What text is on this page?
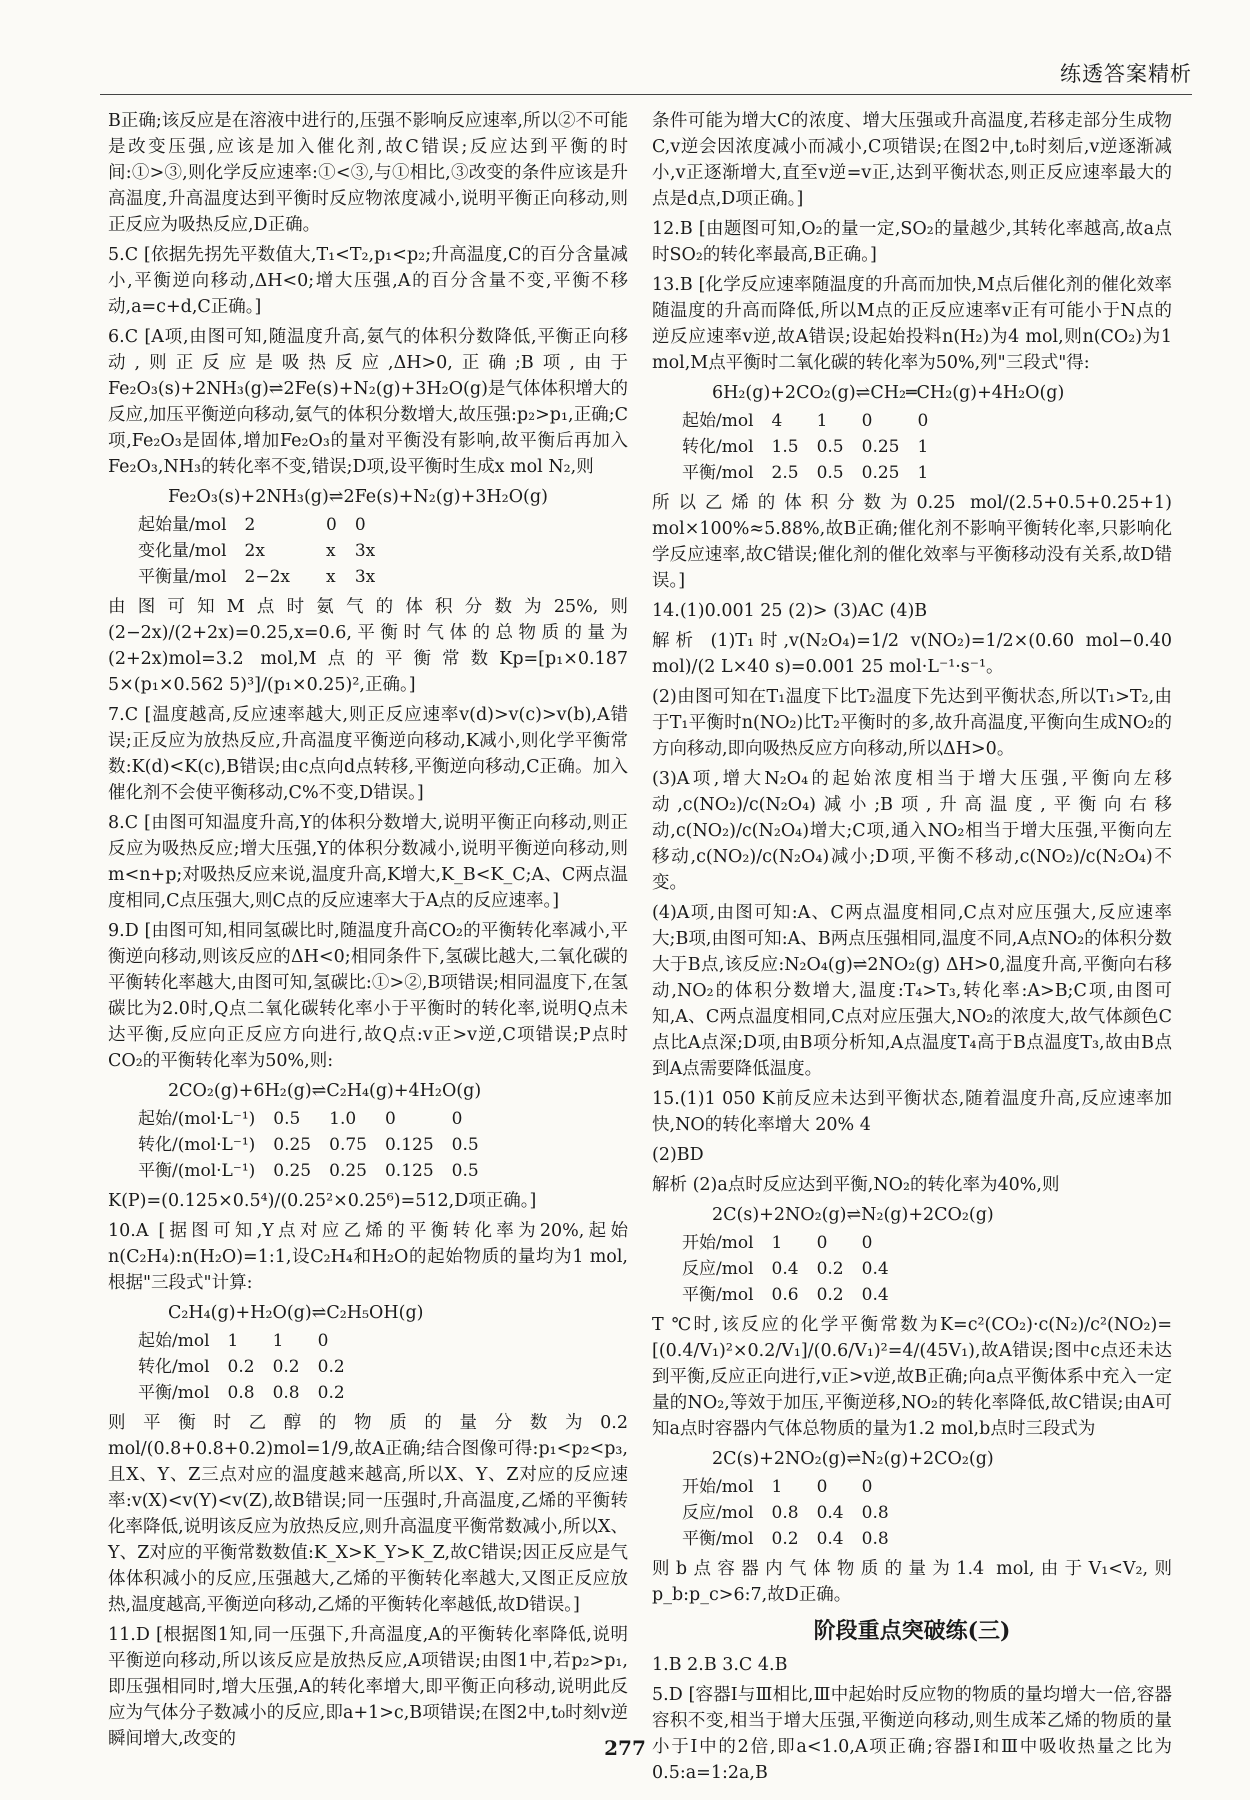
练透答案精析

B正确;该反应是在溶液中进行的,压强不影响反应速率,所以②不可能是改变压强,应该是加入催化剂,故C错误;反应达到平衡的时间:①>③,则化学反应速率:①<③,与①相比,③改变的条件应该是升高温度,升高温度达到平衡时反应物浓度减小,说明平衡正向移动,则正反应为吸热反应,D正确。

5.C [依据先拐先平数值大,T₁<T₂,p₁<p₂;升高温度,C的百分含量减小,平衡逆向移动,ΔH<0;增大压强,A的百分含量不变,平衡不移动,a=c+d,C正确。]

6.C [A项,由图可知,随温度升高,氨气的体积分数降低,平衡正向移动,则正反应是吸热反应,ΔH>0,正确;B项,由于Fe₂O₃(s)+2NH₃(g)⇌2Fe(s)+N₂(g)+3H₂O(g)是气体体积增大的反应,加压平衡逆向移动,氨气的体积分数增大,故压强:p₂>p₁,正确;C项,Fe₂O₃是固体,增加Fe₂O₃的量对平衡没有影响,故平衡后再加入Fe₂O₃,NH₃的转化率不变,错误;D项,设平衡时生成x mol N₂,则

Fe₂O₃(s)+2NH₃(g)⇌2Fe(s)+N₂(g)+3H₂O(g)
起始量/mol	2		0	0
变化量/mol	2x		x	3x
平衡量/mol	2−2x		x	3x

由图可知M点时氨气的体积分数为25%,则(2−2x)/(2+2x)=0.25,x=0.6,平衡时气体的总物质的量为(2+2x)mol=3.2 mol,M点的平衡常数Kp=[p₁×0.187 5×(p₁×0.562 5)³]/(p₁×0.25)²,正确。]

7.C [温度越高,反应速率越大,则正反应速率v(d)>v(c)>v(b),A错误;正反应为放热反应,升高温度平衡逆向移动,K减小,则化学平衡常数:K(d)<K(c),B错误;由c点向d点转移,平衡逆向移动,C正确。加入催化剂不会使平衡移动,C%不变,D错误。]

8.C [由图可知温度升高,Y的体积分数增大,说明平衡正向移动,则正反应为吸热反应;增大压强,Y的体积分数减小,说明平衡逆向移动,则m<n+p;对吸热反应来说,温度升高,K增大,K_B<K_C;A、C两点温度相同,C点压强大,则C点的反应速率大于A点的反应速率。]

9.D [由图可知,相同氢碳比时,随温度升高CO₂的平衡转化率减小,平衡逆向移动,则该反应的ΔH<0;相同条件下,氢碳比越大,二氧化碳的平衡转化率越大,由图可知,氢碳比:①>②,B项错误;相同温度下,在氢碳比为2.0时,Q点二氧化碳转化率小于平衡时的转化率,说明Q点未达平衡,反应向正反应方向进行,故Q点:v正>v逆,C项错误;P点时CO₂的平衡转化率为50%,则:

2CO₂(g)+6H₂(g)⇌C₂H₄(g)+4H₂O(g)
起始/(mol·L⁻¹)	0.5	1.0	0	0
转化/(mol·L⁻¹)	0.25	0.75	0.125	0.5
平衡/(mol·L⁻¹)	0.25	0.25	0.125	0.5

K(P)=(0.125×0.5⁴)/(0.25²×0.25⁶)=512,D项正确。]

10.A [据图可知,Y点对应乙烯的平衡转化率为20%,起始n(C₂H₄):n(H₂O)=1:1,设C₂H₄和H₂O的起始物质的量均为1 mol,根据"三段式"计算:

C₂H₄(g)+H₂O(g)⇌C₂H₅OH(g)
起始/mol	1	1	0
转化/mol	0.2	0.2	0.2
平衡/mol	0.8	0.8	0.2

则平衡时乙醇的物质的量分数为0.2 mol/(0.8+0.8+0.2)mol=1/9,故A正确;结合图像可得:p₁<p₂<p₃,且X、Y、Z三点对应的温度越来越高,所以X、Y、Z对应的反应速率:v(X)<v(Y)<v(Z),故B错误;同一压强时,升高温度,乙烯的平衡转化率降低,说明该反应为放热反应,则升高温度平衡常数减小,所以X、Y、Z对应的平衡常数数值:K_X>K_Y>K_Z,故C错误;因正反应是气体体积减小的反应,压强越大,乙烯的平衡转化率越大,又图正反应放热,温度越高,平衡逆向移动,乙烯的平衡转化率越低,故D错误。]

11.D [根据图1知,同一压强下,升高温度,A的平衡转化率降低,说明平衡逆向移动,所以该反应是放热反应,A项错误;由图1中,若p₂>p₁,即压强相同时,增大压强,A的转化率增大,即平衡正向移动,说明此反应为气体分子数减小的反应,即a+1>c,B项错误;在图2中,t₀时刻v逆瞬间增大,改变的

条件可能为增大C的浓度、增大压强或升高温度,若移走部分生成物C,v逆会因浓度减小而减小,C项错误;在图2中,t₀时刻后,v逆逐渐减小,v正逐渐增大,直至v逆=v正,达到平衡状态,则正反应速率最大的点是d点,D项正确。]

12.B [由题图可知,O₂的量一定,SO₂的量越少,其转化率越高,故a点时SO₂的转化率最高,B正确。]

13.B [化学反应速率随温度的升高而加快,M点后催化剂的催化效率随温度的升高而降低,所以M点的正反应速率v正有可能小于N点的逆反应速率v逆,故A错误;设起始投料n(H₂)为4 mol,则n(CO₂)为1 mol,M点平衡时二氧化碳的转化率为50%,列"三段式"得:

6H₂(g)+2CO₂(g)⇌CH₂═CH₂(g)+4H₂O(g)
起始/mol	4	1	0	0
转化/mol	1.5	0.5	0.25	1
平衡/mol	2.5	0.5	0.25	1

所以乙烯的体积分数为0.25 mol/(2.5+0.5+0.25+1) mol×100%≈5.88%,故B正确;催化剂不影响平衡转化率,只影响化学反应速率,故C错误;催化剂的催化效率与平衡移动没有关系,故D错误。]

14.(1)0.001 25 (2)> (3)AC (4)B

解析 (1)T₁时,v(N₂O₄)=1/2 v(NO₂)=1/2×(0.60 mol−0.40 mol)/(2 L×40 s)=0.001 25 mol·L⁻¹·s⁻¹。

(2)由图可知在T₁温度下比T₂温度下先达到平衡状态,所以T₁>T₂,由于T₁平衡时n(NO₂)比T₂平衡时的多,故升高温度,平衡向生成NO₂的方向移动,即向吸热反应方向移动,所以ΔH>0。

(3)A项,增大N₂O₄的起始浓度相当于增大压强,平衡向左移动,c(NO₂)/c(N₂O₄)减小;B项,升高温度,平衡向右移动,c(NO₂)/c(N₂O₄)增大;C项,通入NO₂相当于增大压强,平衡向左移动,c(NO₂)/c(N₂O₄)减小;D项,平衡不移动,c(NO₂)/c(N₂O₄)不变。

(4)A项,由图可知:A、C两点温度相同,C点对应压强大,反应速率大;B项,由图可知:A、B两点压强相同,温度不同,A点NO₂的体积分数大于B点,该反应:N₂O₄(g)⇌2NO₂(g) ΔH>0,温度升高,平衡向右移动,NO₂的体积分数增大,温度:T₄>T₃,转化率:A>B;C项,由图可知,A、C两点温度相同,C点对应压强大,NO₂的浓度大,故气体颜色C点比A点深;D项,由B项分析知,A点温度T₄高于B点温度T₃,故由B点到A点需要降低温度。

15.(1)1 050 K前反应未达到平衡状态,随着温度升高,反应速率加快,NO的转化率增大 20% 4

(2)BD

解析 (2)a点时反应达到平衡,NO₂的转化率为40%,则

2C(s)+2NO₂(g)⇌N₂(g)+2CO₂(g)
开始/mol	1	0	0
反应/mol	0.4	0.2	0.4
平衡/mol	0.6	0.2	0.4

T ℃时,该反应的化学平衡常数为K=c²(CO₂)·c(N₂)/c²(NO₂)=[(0.4/V₁)²×0.2/V₁]/(0.6/V₁)²=4/(45V₁),故A错误;图中c点还未达到平衡,反应正向进行,v正>v逆,故B正确;向a点平衡体系中充入一定量的NO₂,等效于加压,平衡逆移,NO₂的转化率降低,故C错误;由A可知a点时容器内气体总物质的量为1.2 mol,b点时三段式为

2C(s)+2NO₂(g)⇌N₂(g)+2CO₂(g)
开始/mol	1	0	0
反应/mol	0.8	0.4	0.8
平衡/mol	0.2	0.4	0.8

则b点容器内气体物质的量为1.4 mol,由于V₁<V₂,则p_b:p_c>6:7,故D正确。

阶段重点突破练(三)

1.B 2.B 3.C 4.B

5.D [容器Ⅰ与Ⅲ相比,Ⅲ中起始时反应物的物质的量均增大一倍,容器容积不变,相当于增大压强,平衡逆向移动,则生成苯乙烯的物质的量小于Ⅰ中的2倍,即a<1.0,A项正确;容器Ⅰ和Ⅲ中吸收热量之比为0.5:a=1:2a,B

277
